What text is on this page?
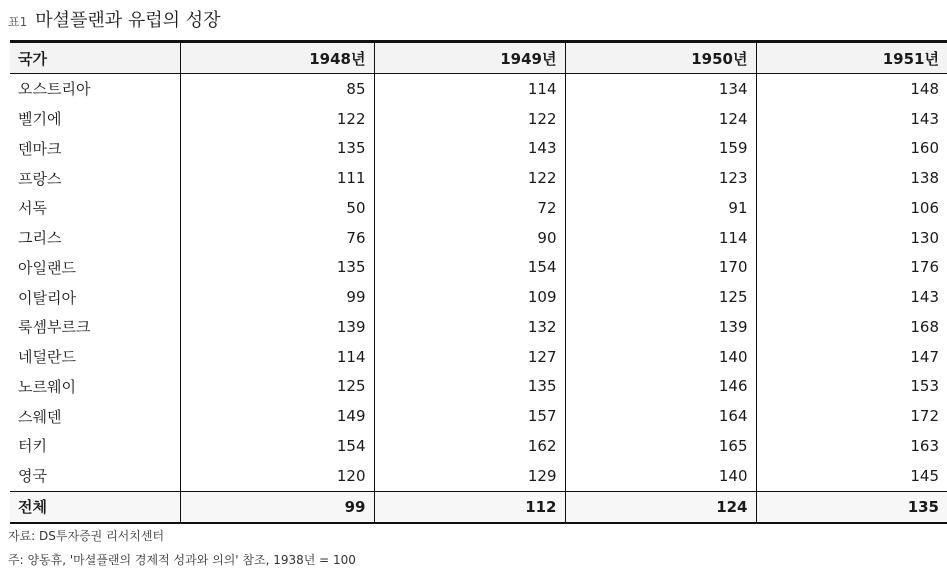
표1 마셜플랜과 유럽의 성장
국가	1948년	1949년	1950년	1951년
오스트리아	85	114	134	148
벨기에	122	122	124	143
덴마크	135	143	159	160
프랑스	111	122	123	138
서독	50	72	91	106
그리스	76	90	114	130
아일랜드	135	154	170	176
이탈리아	99	109	125	143
룩셈부르크	139	132	139	168
네덜란드	114	127	140	147
노르웨이	125	135	146	153
스웨덴	149	157	164	172
터키	154	162	165	163
영국	120	129	140	145
전체	99	112	124	135
자료: DS투자증권 리서치센터
주: 양동휴, '마셜플랜의 경제적 성과와 의의' 참조, 1938년 = 100
